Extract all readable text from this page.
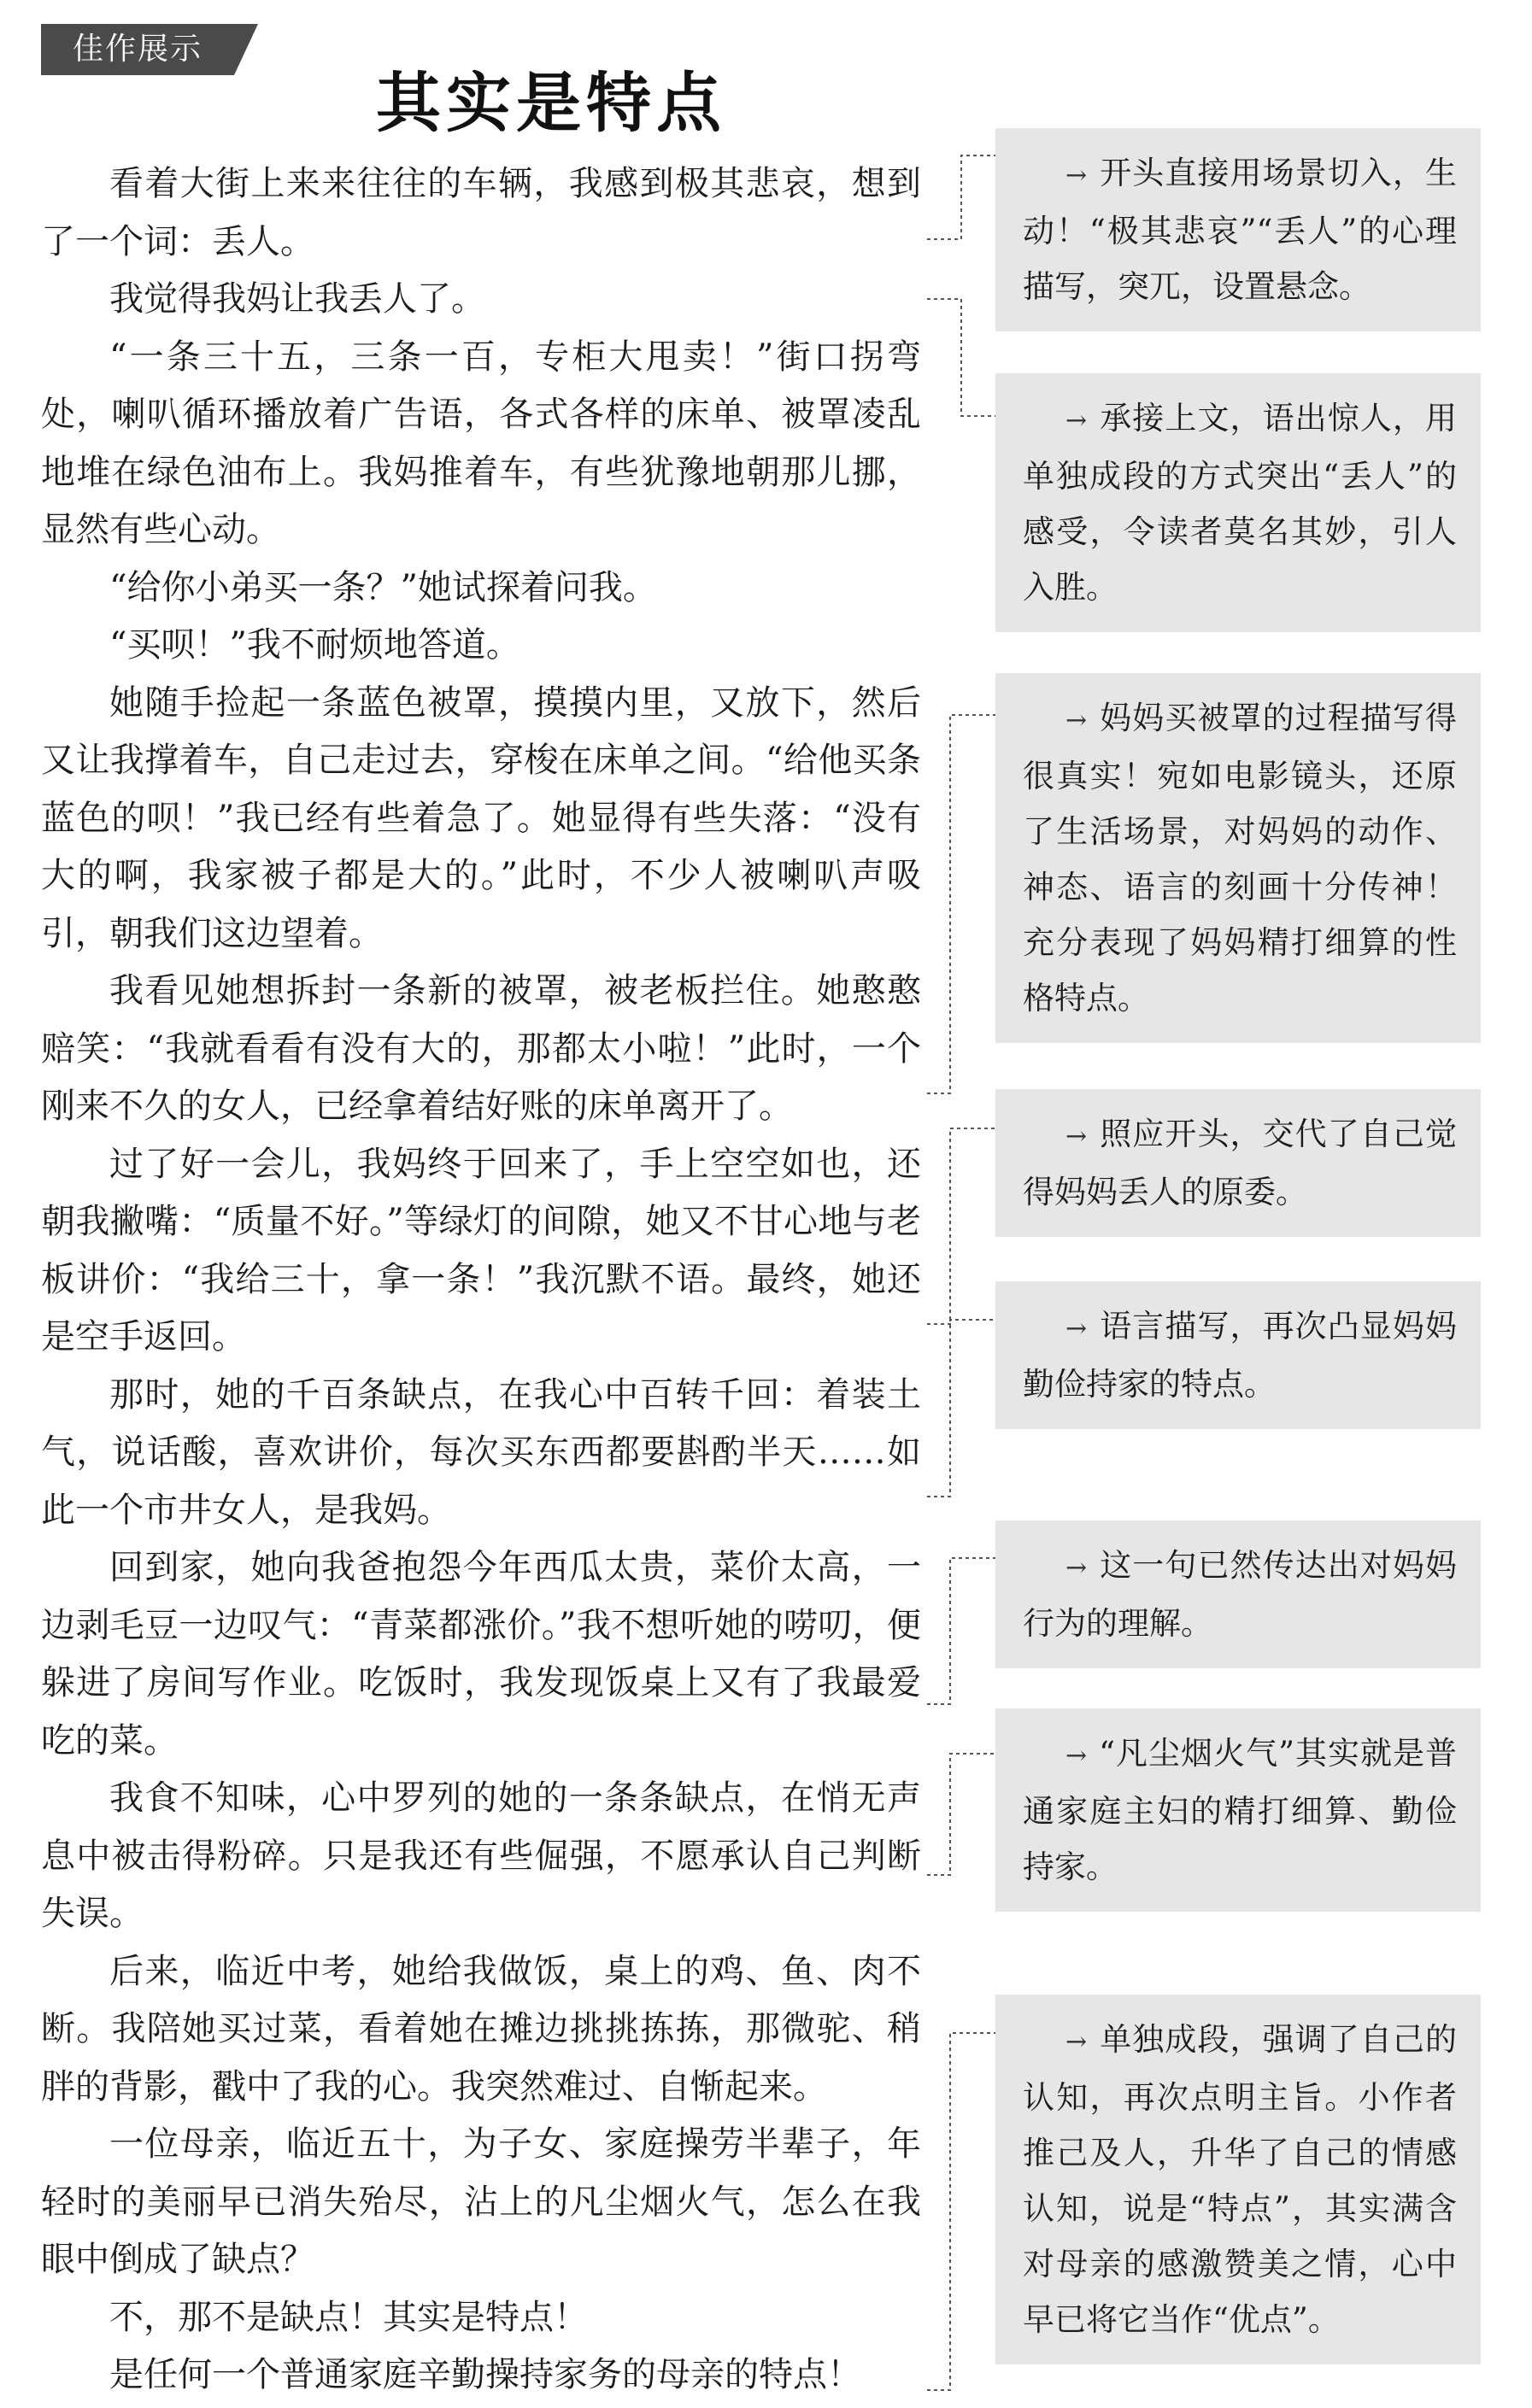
佳作展示
其实是特点

看着大街上来来往往的车辆，我感到极其悲哀，想到了一个词：丢人。

我觉得我妈让我丢人了。

“一条三十五，三条一百，专柜大甩卖！”街口拐弯处，喇叭循环播放着广告语，各式各样的床单、被罩凌乱地堆在绿色油布上。我妈推着车，有些犹豫地朝那儿挪，显然有些心动。

“给你小弟买一条？”她试探着问我。

“买呗！”我不耐烦地答道。

她随手捡起一条蓝色被罩，摸摸内里，又放下，然后又让我撑着车，自己走过去，穿梭在床单之间。“给他买条蓝色的呗！”我已经有些着急了。她显得有些失落：“没有大的啊，我家被子都是大的。”此时，不少人被喇叭声吸引，朝我们这边望着。

我看见她想拆封一条新的被罩，被老板拦住。她憨憨赔笑：“我就看看有没有大的，那都太小啦！”此时，一个刚来不久的女人，已经拿着结好账的床单离开了。

过了好一会儿，我妈终于回来了，手上空空如也，还朝我撇嘴：“质量不好。”等绿灯的间隙，她又不甘心地与老板讲价：“我给三十，拿一条！”我沉默不语。最终，她还是空手返回。

那时，她的千百条缺点，在我心中百转千回：着装土气，说话酸，喜欢讲价，每次买东西都要斟酌半天……如此一个市井女人，是我妈。

回到家，她向我爸抱怨今年西瓜太贵，菜价太高，一边剥毛豆一边叹气：“青菜都涨价。”我不想听她的唠叨，便躲进了房间写作业。吃饭时，我发现饭桌上又有了我最爱吃的菜。

我食不知味，心中罗列的她的一条条缺点，在悄无声息中被击得粉碎。只是我还有些倔强，不愿承认自己判断失误。

后来，临近中考，她给我做饭，桌上的鸡、鱼、肉不断。我陪她买过菜，看着她在摊边挑挑拣拣，那微驼、稍胖的背影，戳中了我的心。我突然难过、自惭起来。

一位母亲，临近五十，为子女、家庭操劳半辈子，年轻时的美丽早已消失殆尽，沾上的凡尘烟火气，怎么在我眼中倒成了缺点？

不，那不是缺点！其实是特点！

是任何一个普通家庭辛勤操持家务的母亲的特点！

→ 开头直接用场景切入，生动！“极其悲哀”“丢人”的心理描写，突兀，设置悬念。
→ 承接上文，语出惊人，用单独成段的方式突出“丢人”的感受，令读者莫名其妙，引人入胜。
→ 妈妈买被罩的过程描写得很真实！宛如电影镜头，还原了生活场景，对妈妈的动作、神态、语言的刻画十分传神！充分表现了妈妈精打细算的性格特点。
→ 照应开头，交代了自己觉得妈妈丢人的原委。
→ 语言描写，再次凸显妈妈勤俭持家的特点。
→ 这一句已然传达出对妈妈行为的理解。
→ “凡尘烟火气”其实就是普通家庭主妇的精打细算、勤俭持家。
→ 单独成段，强调了自己的认知，再次点明主旨。小作者推己及人，升华了自己的情感认知，说是“特点”，其实满含对母亲的感激赞美之情，心中早已将它当作“优点”。
